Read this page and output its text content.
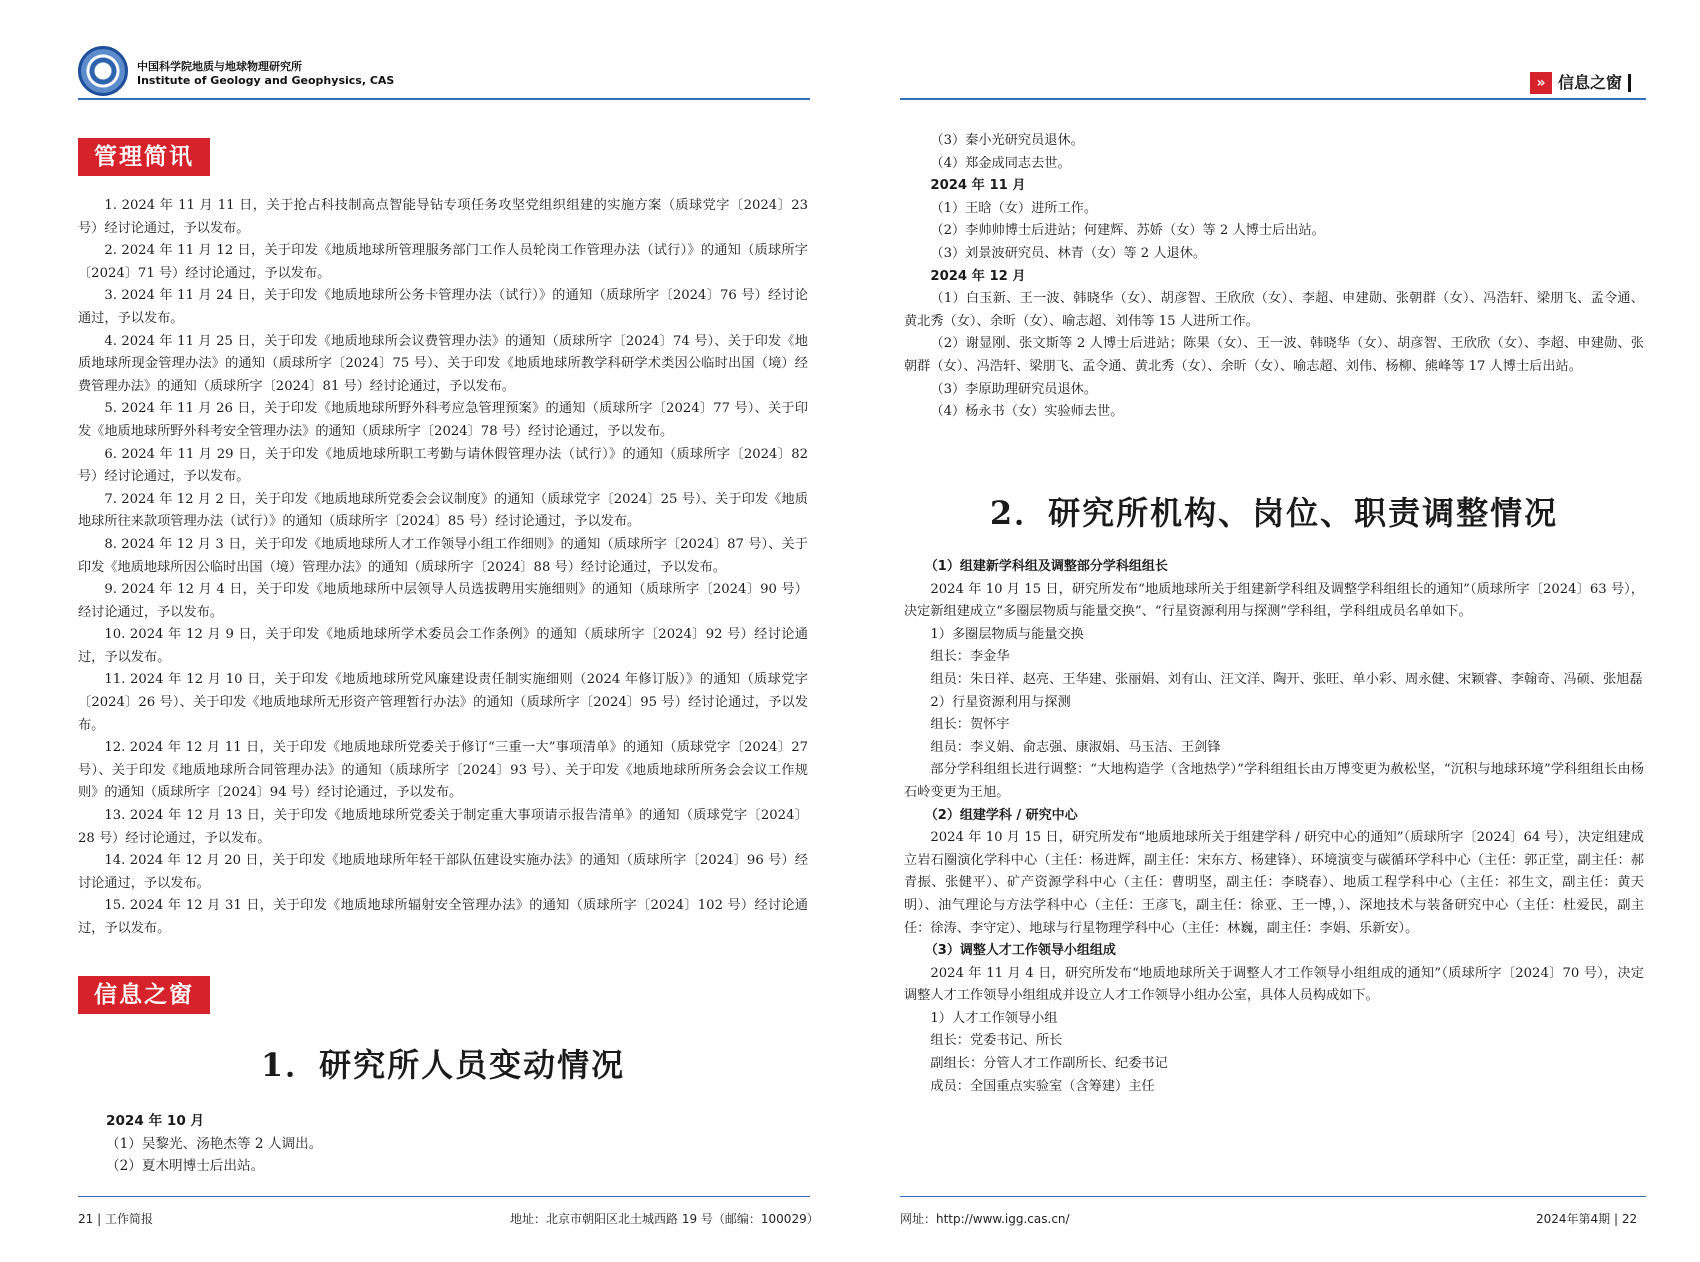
中国科学院地质与地球物理研究所
Institute of Geology and Geophysics, CAS
管理简讯

1. 2024 年 11 月 11 日，关于抢占科技制高点智能导钻专项任务攻坚党组织组建的实施方案（质球党字〔2024〕23 号）经讨论通过，予以发布。

2. 2024 年 11 月 12 日，关于印发《地质地球所管理服务部门工作人员轮岗工作管理办法（试行）》的通知（质球所字〔2024〕71 号）经讨论通过，予以发布。

3. 2024 年 11 月 24 日，关于印发《地质地球所公务卡管理办法（试行）》的通知（质球所字〔2024〕76 号）经讨论通过，予以发布。

4. 2024 年 11 月 25 日，关于印发《地质地球所会议费管理办法》的通知（质球所字〔2024〕74 号）、关于印发《地质地球所现金管理办法》的通知（质球所字〔2024〕75 号）、关于印发《地质地球所教学科研学术类因公临时出国（境）经费管理办法》的通知（质球所字〔2024〕81 号）经讨论通过，予以发布。

5. 2024 年 11 月 26 日，关于印发《地质地球所野外科考应急管理预案》的通知（质球所字〔2024〕77 号）、关于印发《地质地球所野外科考安全管理办法》的通知（质球所字〔2024〕78 号）经讨论通过，予以发布。

6. 2024 年 11 月 29 日，关于印发《地质地球所职工考勤与请休假管理办法（试行）》的通知（质球所字〔2024〕82 号）经讨论通过，予以发布。

7. 2024 年 12 月 2 日，关于印发《地质地球所党委会会议制度》的通知（质球党字〔2024〕25 号）、关于印发《地质地球所往来款项管理办法（试行）》的通知（质球所字〔2024〕85 号）经讨论通过，予以发布。

8. 2024 年 12 月 3 日，关于印发《地质地球所人才工作领导小组工作细则》的通知（质球所字〔2024〕87 号）、关于印发《地质地球所因公临时出国（境）管理办法》的通知（质球所字〔2024〕88 号）经讨论通过，予以发布。

9. 2024 年 12 月 4 日，关于印发《地质地球所中层领导人员选拔聘用实施细则》的通知（质球所字〔2024〕90 号）经讨论通过，予以发布。

10. 2024 年 12 月 9 日，关于印发《地质地球所学术委员会工作条例》的通知（质球所字〔2024〕92 号）经讨论通过，予以发布。

11. 2024 年 12 月 10 日，关于印发《地质地球所党风廉建设责任制实施细则（2024 年修订版）》的通知（质球党字〔2024〕26 号）、关于印发《地质地球所无形资产管理暂行办法》的通知（质球所字〔2024〕95 号）经讨论通过，予以发布。

12. 2024 年 12 月 11 日，关于印发《地质地球所党委关于修订“三重一大”事项清单》的通知（质球党字〔2024〕27 号）、关于印发《地质地球所合同管理办法》的通知（质球所字〔2024〕93 号）、关于印发《地质地球所所务会会议工作规则》的通知（质球所字〔2024〕94 号）经讨论通过，予以发布。

13. 2024 年 12 月 13 日，关于印发《地质地球所党委关于制定重大事项请示报告清单》的通知（质球党字〔2024〕28 号）经讨论通过，予以发布。

14. 2024 年 12 月 20 日，关于印发《地质地球所年轻干部队伍建设实施办法》的通知（质球所字〔2024〕96 号）经讨论通过，予以发布。

15. 2024 年 12 月 31 日，关于印发《地质地球所辐射安全管理办法》的通知（质球所字〔2024〕102 号）经讨论通过，予以发布。

信息之窗
1．研究所人员变动情况

2024 年 10 月

（1）吴黎光、汤艳杰等 2 人调出。

（2）夏木明博士后出站。

21 | 工作简报	地址：北京市朝阳区北土城西路 19 号（邮编：100029）
» 信息之窗

（3）秦小光研究员退休。

（4）郑金成同志去世。

2024 年 11 月

（1）王晗（女）进所工作。

（2）李帅帅博士后进站；何建辉、苏娇（女）等 2 人博士后出站。

（3）刘景波研究员、林青（女）等 2 人退休。

2024 年 12 月

（1）白玉新、王一波、韩晓华（女）、胡彦智、王欣欣（女）、李超、申建勋、张朝群（女）、冯浩轩、梁朋飞、孟令通、黄北秀（女）、余昕（女）、喻志超、刘伟等 15 人进所工作。

（2）谢显刚、张文斯等 2 人博士后进站；陈果（女）、王一波、韩晓华（女）、胡彦智、王欣欣（女）、李超、申建勋、张朝群（女）、冯浩轩、梁朋飞、孟令通、黄北秀（女）、余昕（女）、喻志超、刘伟、杨柳、熊峰等 17 人博士后出站。

（3）李原助理研究员退休。

（4）杨永书（女）实验师去世。

2．研究所机构、岗位、职责调整情况

（1）组建新学科组及调整部分学科组组长

2024 年 10 月 15 日，研究所发布“地质地球所关于组建新学科组及调整学科组组长的通知”（质球所字〔2024〕63 号），决定新组建成立“多圈层物质与能量交换”、“行星资源利用与探测”学科组，学科组成员名单如下。

1）多圈层物质与能量交换

组长：李金华

组员：朱日祥、赵亮、王华建、张丽娟、刘有山、汪文洋、陶开、张旺、单小彩、周永健、宋颖睿、李翰奇、冯硕、张旭磊

2）行星资源利用与探测

组长：贺怀宇

组员：李义娟、俞志强、康淑娟、马玉洁、王剑锋

部分学科组组长进行调整：“大地构造学（含地热学）”学科组组长由万博变更为赦松坚，“沉积与地球环境”学科组组长由杨石岭变更为王旭。

（2）组建学科 / 研究中心

2024 年 10 月 15 日，研究所发布“地质地球所关于组建学科 / 研究中心的通知”（质球所字〔2024〕64 号），决定组建成立岩石圈演化学科中心（主任：杨进辉，副主任：宋东方、杨建锋）、环境演变与碳循环学科中心（主任：郭正堂，副主任：郝青振、张健平）、矿产资源学科中心（主任：曹明坚，副主任：李晓春）、地质工程学科中心（主任：祁生文，副主任：黄天明）、油气理论与方法学科中心（主任：王彦飞，副主任：徐亚、王一博，）、深地技术与装备研究中心（主任：杜爱民，副主任：徐涛、李守定）、地球与行星物理学科中心（主任：林巍，副主任：李娟、乐新安）。

（3）调整人才工作领导小组组成

2024 年 11 月 4 日，研究所发布“地质地球所关于调整人才工作领导小组组成的通知”（质球所字〔2024〕70 号），决定调整人才工作领导小组组成并设立人才工作领导小组办公室，具体人员构成如下。

1）人才工作领导小组

组长：党委书记、所长

副组长：分管人才工作副所长、纪委书记

成员：全国重点实验室（含筹建）主任

网址：http://www.igg.cas.cn/	2024年第4期 | 22
